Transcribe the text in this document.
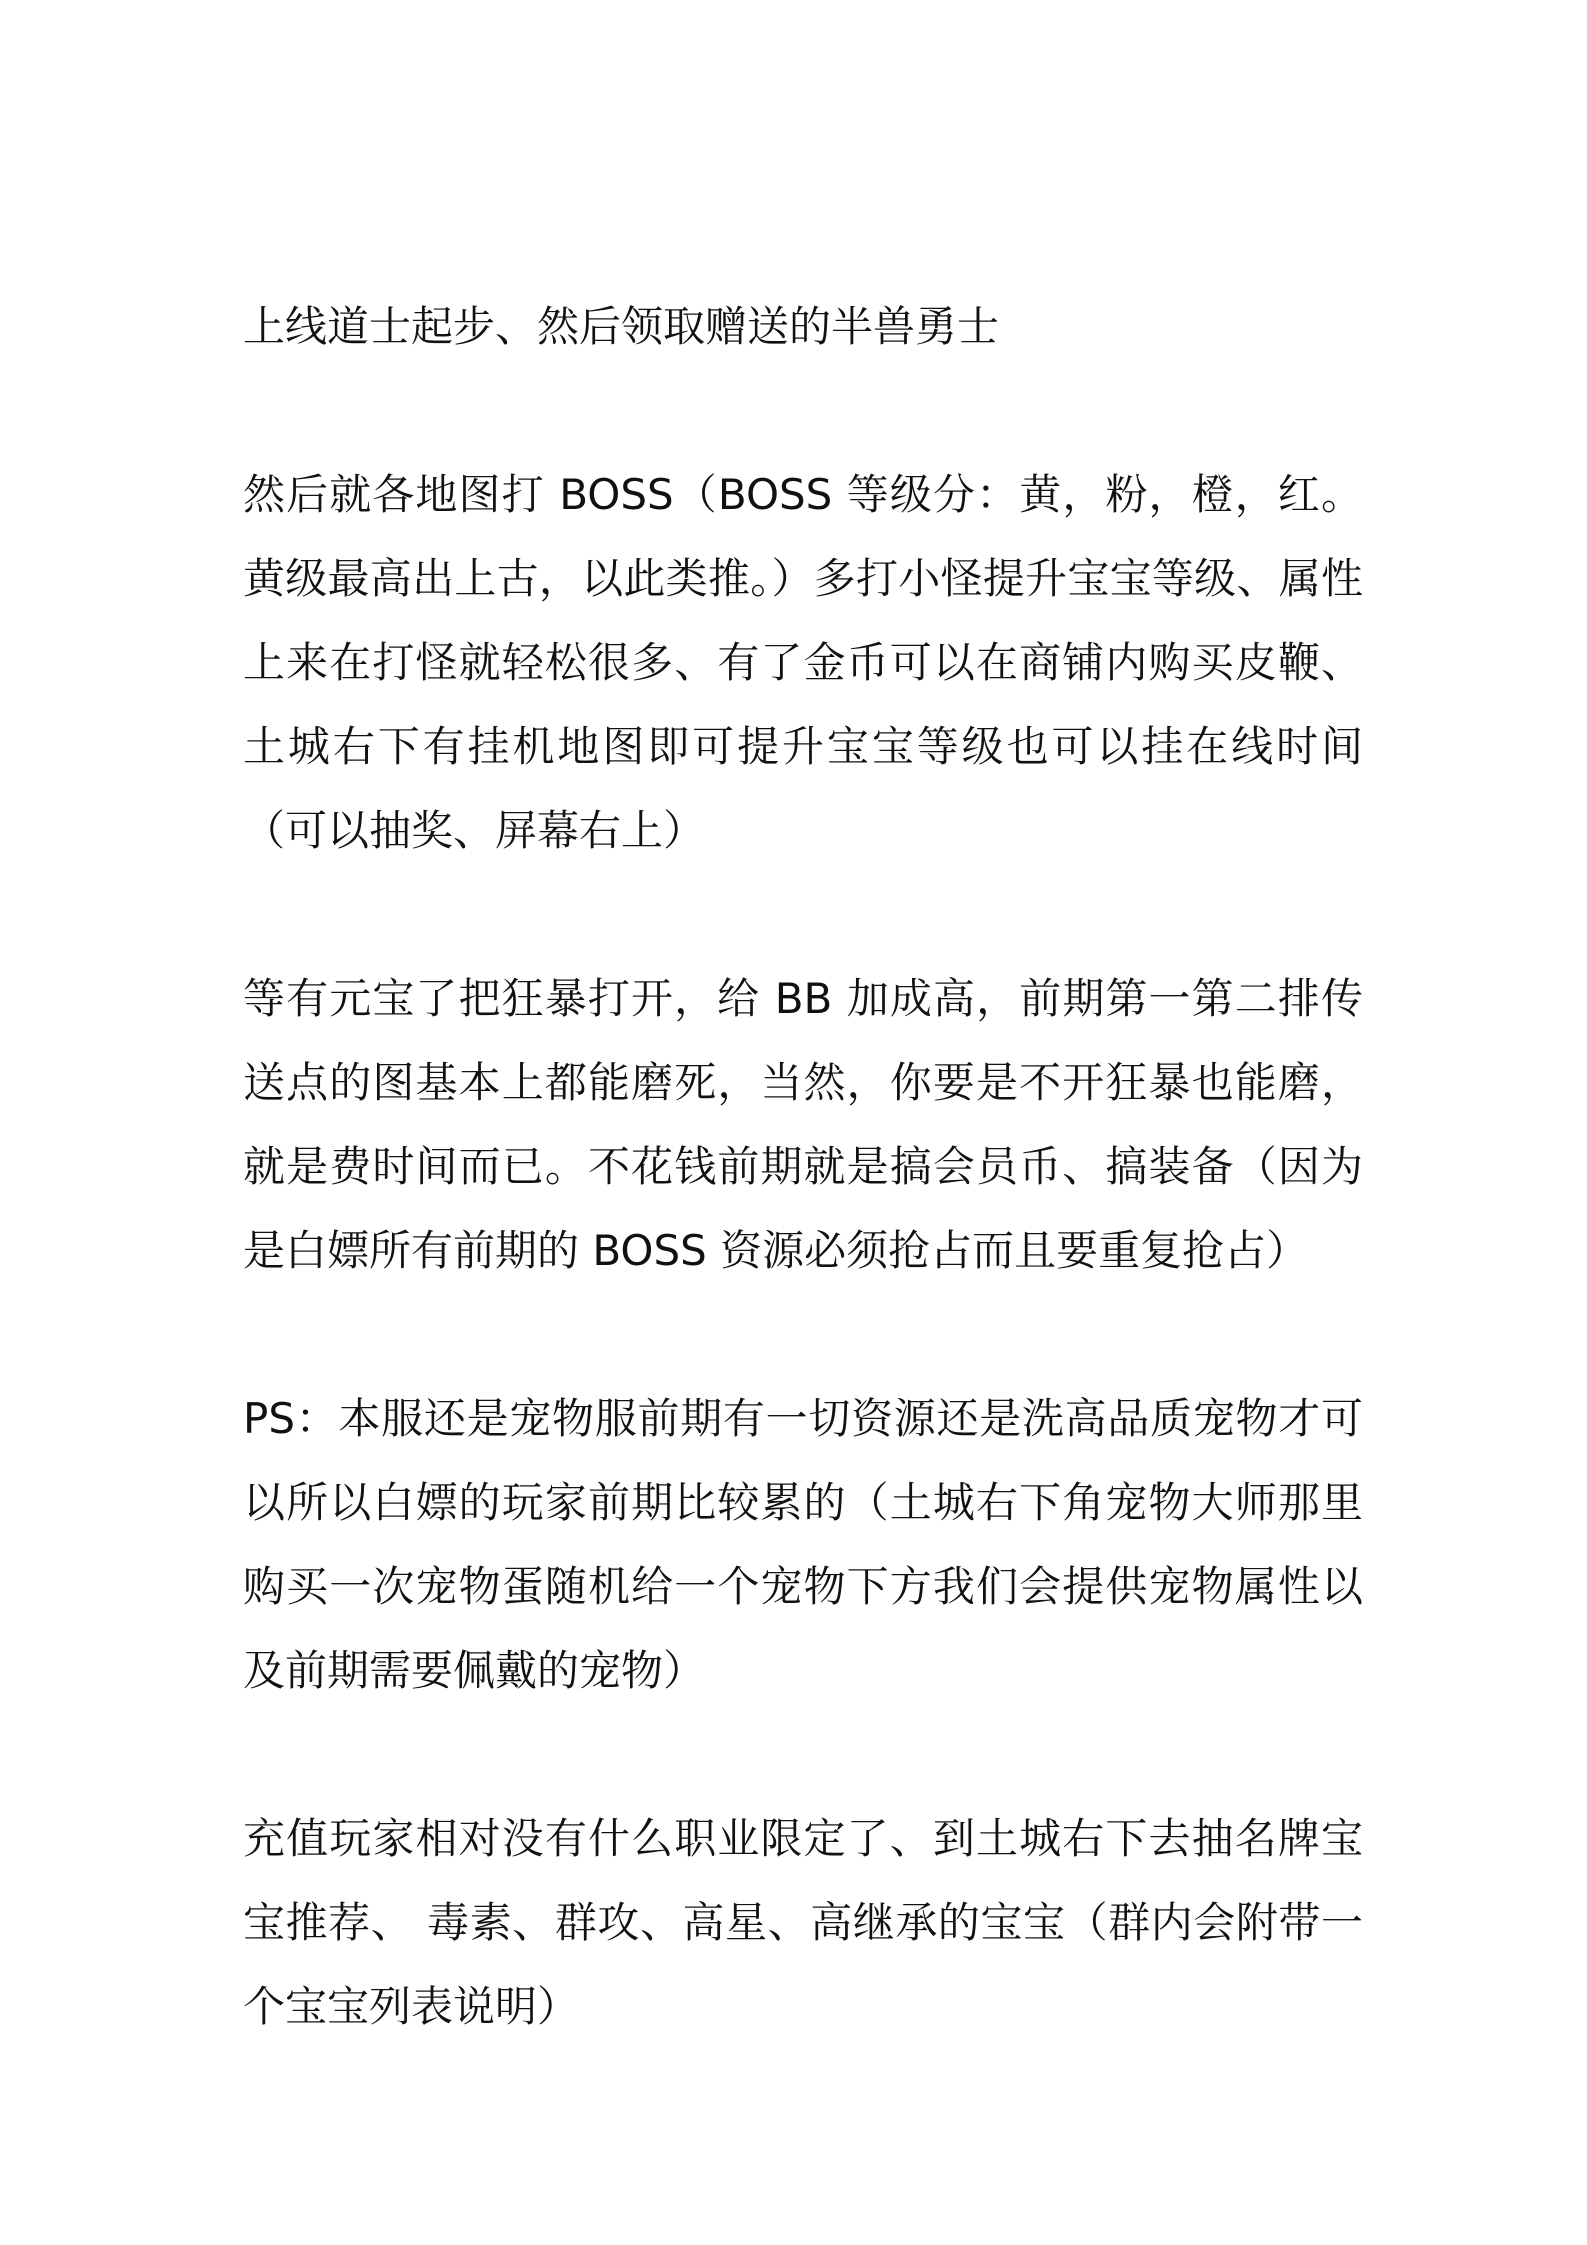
上线道士起步、然后领取赠送的半兽勇士

然后就各地图打 BOSS（BOSS 等级分：黄，粉，橙，红。黄级最高出上古，以此类推。）多打小怪提升宝宝等级、属性上来在打怪就轻松很多、有了金币可以在商铺内购买皮鞭、土城右下有挂机地图即可提升宝宝等级也可以挂在线时间（可以抽奖、屏幕右上）

等有元宝了把狂暴打开，给 BB 加成高，前期第一第二排传送点的图基本上都能磨死，当然，你要是不开狂暴也能磨，就是费时间而已。不花钱前期就是搞会员币、搞装备（因为是白嫖所有前期的 BOSS 资源必须抢占而且要重复抢占）

PS：本服还是宠物服前期有一切资源还是洗高品质宠物才可以所以白嫖的玩家前期比较累的（土城右下角宠物大师那里购买一次宠物蛋随机给一个宠物下方我们会提供宠物属性以及前期需要佩戴的宠物）

充值玩家相对没有什么职业限定了、到土城右下去抽名牌宝宝推荐、 毒素、群攻、高星、高继承的宝宝（群内会附带一个宝宝列表说明）
